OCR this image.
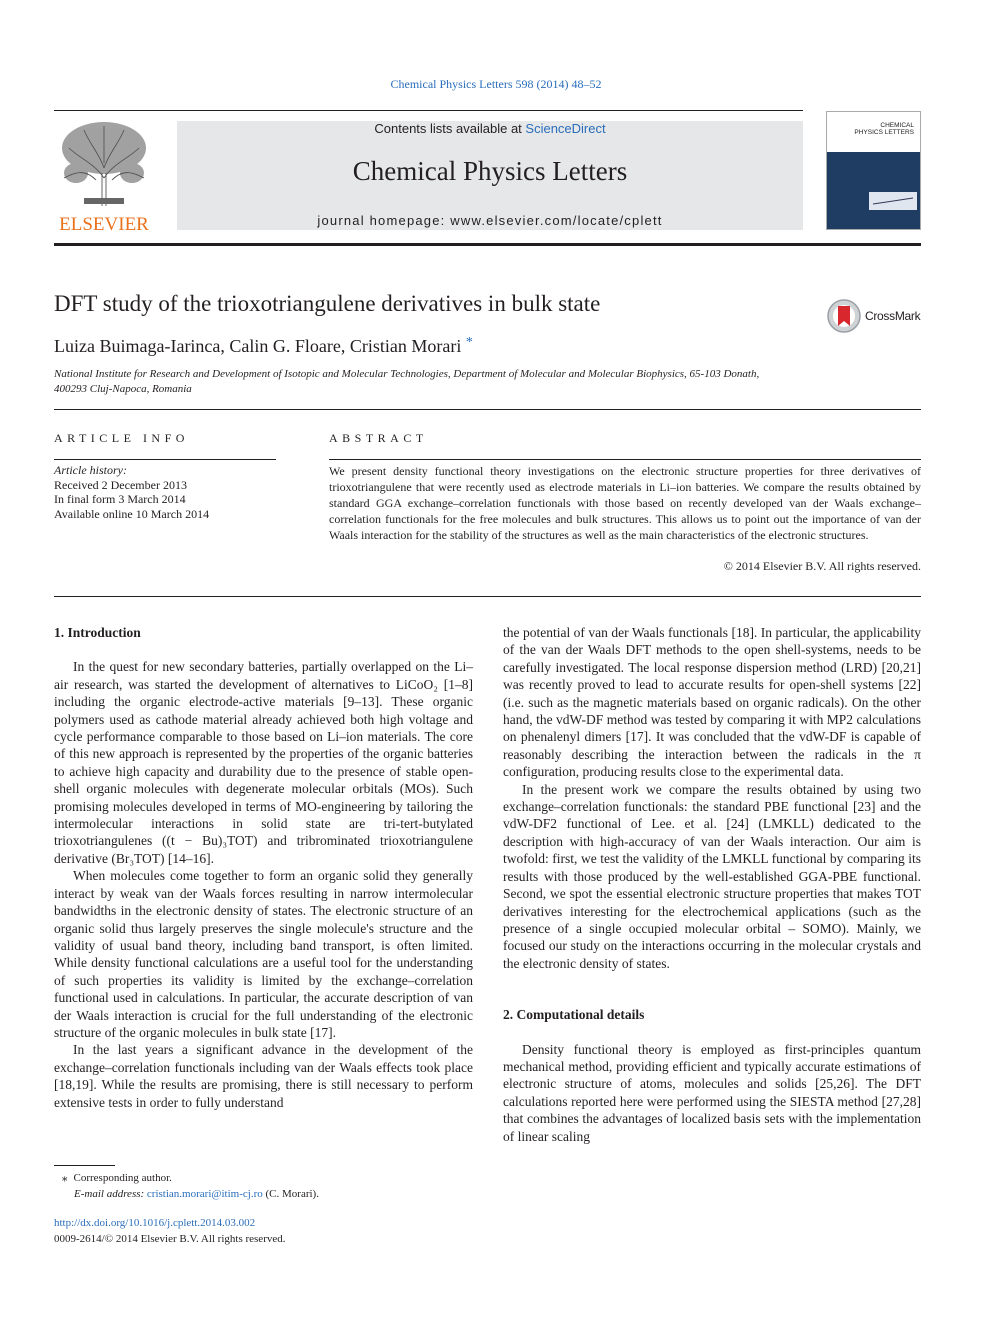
Chemical Physics Letters 598 (2014) 48–52
ELSEVIER
Contents lists available at ScienceDirect
Chemical Physics Letters
journal homepage: www.elsevier.com/locate/cplett
CHEMICAL PHYSICS LETTERS
DFT study of the trioxotriangulene derivatives in bulk state	CrossMark
Luiza Buimaga-Iarinca, Calin G. Floare, Cristian Morari *
National Institute for Research and Development of Isotopic and Molecular Technologies, Department of Molecular and Molecular Biophysics, 65-103 Donath,
400293 Cluj-Napoca, Romania
ARTICLE INFO
Article history:
Received 2 December 2013
In final form 3 March 2014
Available online 10 March 2014
ABSTRACT
We present density functional theory investigations on the electronic structure properties for three derivatives of trioxotriangulene that were recently used as electrode materials in Li–ion batteries. We compare the results obtained by standard GGA exchange–correlation functionals with those based on recently developed van der Waals exchange–correlation functionals for the free molecules and bulk structures. This allows us to point out the importance of van der Waals interaction for the stability of the structures as well as the main characteristics of the electronic structures.
© 2014 Elsevier B.V. All rights reserved.
1. Introduction

In the quest for new secondary batteries, partially overlapped on the Li–air research, was started the development of alternatives to LiCoO₂ [1–8] including the organic electrode-active materials [9–13]. These organic polymers used as cathode material already achieved both high voltage and cycle performance comparable to those based on Li–ion materials. The core of this new approach is represented by the properties of the organic batteries to achieve high capacity and durability due to the presence of stable open-shell organic molecules with degenerate molecular orbitals (MOs). Such promising molecules developed in terms of MO-engineering by tailoring the intermolecular interactions in solid state are tri-tert-butylated trioxotriangulenes ((t − Bu)₃TOT) and tribrominated trioxotriangulene derivative (Br₃TOT) [14–16].

When molecules come together to form an organic solid they generally interact by weak van der Waals forces resulting in narrow intermolecular bandwidths in the electronic density of states. The electronic structure of an organic solid thus largely preserves the single molecule's structure and the validity of usual band theory, including band transport, is often limited. While density functional calculations are a useful tool for the understanding of such properties its validity is limited by the exchange–correlation functional used in calculations. In particular, the accurate description of van der Waals interaction is crucial for the full understanding of the electronic structure of the organic molecules in bulk state [17].

In the last years a significant advance in the development of the exchange–correlation functionals including van der Waals effects took place [18,19]. While the results are promising, there is still necessary to perform extensive tests in order to fully understand

the potential of van der Waals functionals [18]. In particular, the applicability of the van der Waals DFT methods to the open shell-systems, needs to be carefully investigated. The local response dispersion method (LRD) [20,21] was recently proved to lead to accurate results for open-shell systems [22] (i.e. such as the magnetic materials based on organic radicals). On the other hand, the vdW-DF method was tested by comparing it with MP2 calculations on phenalenyl dimers [17]. It was concluded that the vdW-DF is capable of reasonably describing the interaction between the radicals in the π configuration, producing results close to the experimental data.

In the present work we compare the results obtained by using two exchange–correlation functionals: the standard PBE functional [23] and the vdW-DF2 functional of Lee. et al. [24] (LMKLL) dedicated to the description with high-accuracy of van der Waals interaction. Our aim is twofold: first, we test the validity of the LMKLL functional by comparing its results with those produced by the well-established GGA-PBE functional. Second, we spot the essential electronic structure properties that makes TOT derivatives interesting for the electrochemical applications (such as the presence of a single occupied molecular orbital – SOMO). Mainly, we focused our study on the interactions occurring in the molecular crystals and the electronic density of states.

2. Computational details

Density functional theory is employed as first-principles quantum mechanical method, providing efficient and typically accurate estimations of electronic structure of atoms, molecules and solids [25,26]. The DFT calculations reported here were performed using the SIESTA method [27,28] that combines the advantages of localized basis sets with the implementation of linear scaling

⁎ Corresponding author.
E-mail address: cristian.morari@itim-cj.ro (C. Morari).
http://dx.doi.org/10.1016/j.cplett.2014.03.002
0009-2614/© 2014 Elsevier B.V. All rights reserved.
